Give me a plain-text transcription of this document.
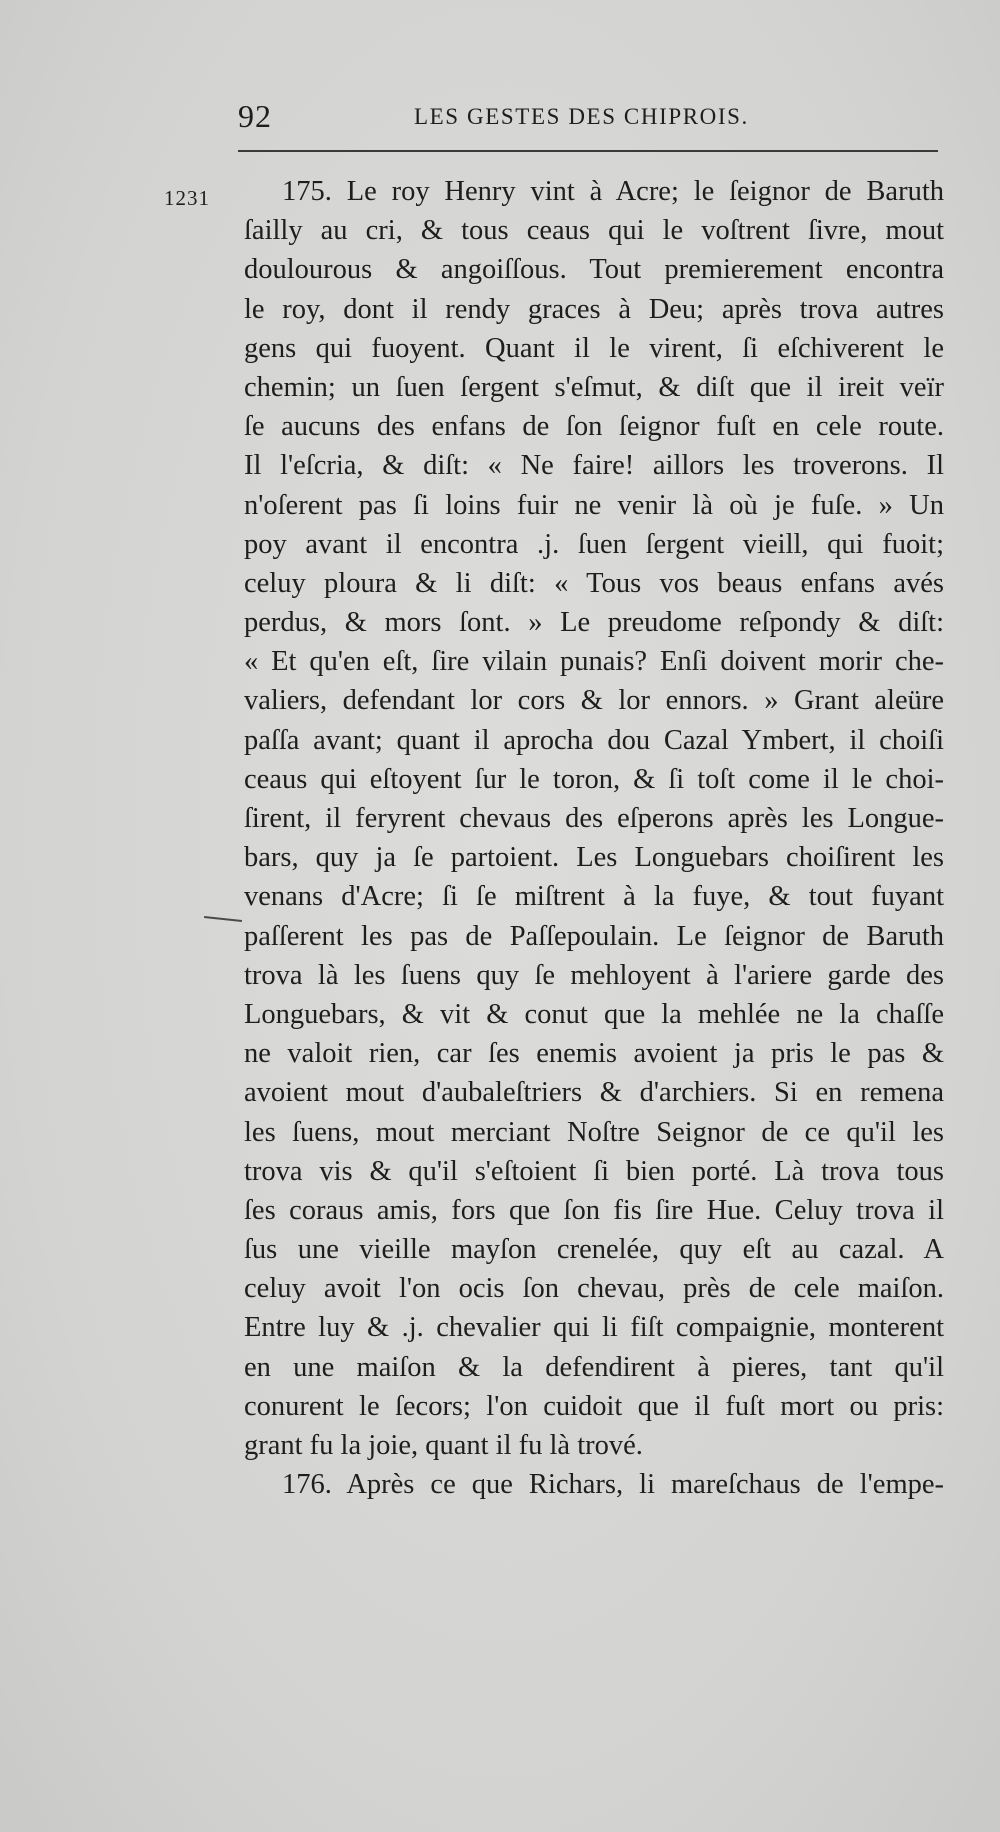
92	LES GESTES DES CHIPROIS.
1231	175. Le roy Henry vint à Acre; le ſeignor de Baruth
ſailly au cri, & tous ceaus qui le voſtrent ſivre, mout
doulourous & angoiſſous. Tout premierement encontra
le roy, dont il rendy graces à Deu; après trova autres
gens qui fuoyent. Quant il le virent, ſi eſchiverent le
chemin; un ſuen ſergent s'eſmut, & diſt que il ireit veïr
ſe aucuns des enfans de ſon ſeignor fuſt en cele route.
Il l'eſcria, & diſt: « Ne faire! aillors les troverons. Il
n'oſerent pas ſi loins fuir ne venir là où je fuſe. » Un
poy avant il encontra .j. ſuen ſergent vieill, qui fuoit;
celuy ploura & li diſt: « Tous vos beaus enfans avés
perdus, & mors ſont. » Le preudome reſpondy & diſt:
« Et qu'en eſt, ſire vilain punais? Enſi doivent morir che-
valiers, defendant lor cors & lor ennors. » Grant aleüre
paſſa avant; quant il aprocha dou Cazal Ymbert, il choiſi
ceaus qui eſtoyent ſur le toron, & ſi toſt come il le choi-
ſirent, il feryrent chevaus des eſperons après les Longue-
bars, quy ja ſe partoient. Les Longuebars choiſirent les
venans d'Acre; ſi ſe miſtrent à la fuye, & tout fuyant
paſſerent les pas de Paſſepoulain. Le ſeignor de Baruth
trova là les ſuens quy ſe mehloyent à l'ariere garde des
Longuebars, & vit & conut que la mehlée ne la chaſſe
ne valoit rien, car ſes enemis avoient ja pris le pas &
avoient mout d'aubaleſtriers & d'archiers. Si en remena
les ſuens, mout merciant Noſtre Seignor de ce qu'il les
trova vis & qu'il s'eſtoient ſi bien porté. Là trova tous
ſes coraus amis, fors que ſon fis ſire Hue. Celuy trova il
ſus une vieille mayſon crenelée, quy eſt au cazal. A
celuy avoit l'on ocis ſon chevau, près de cele maiſon.
Entre luy & .j. chevalier qui li fiſt compaignie, monterent
en une maiſon & la defendirent à pieres, tant qu'il
conurent le ſecors; l'on cuidoit que il fuſt mort ou pris:
grant fu la joie, quant il fu là trové.
176. Après ce que Richars, li mareſchaus de l'empe-
